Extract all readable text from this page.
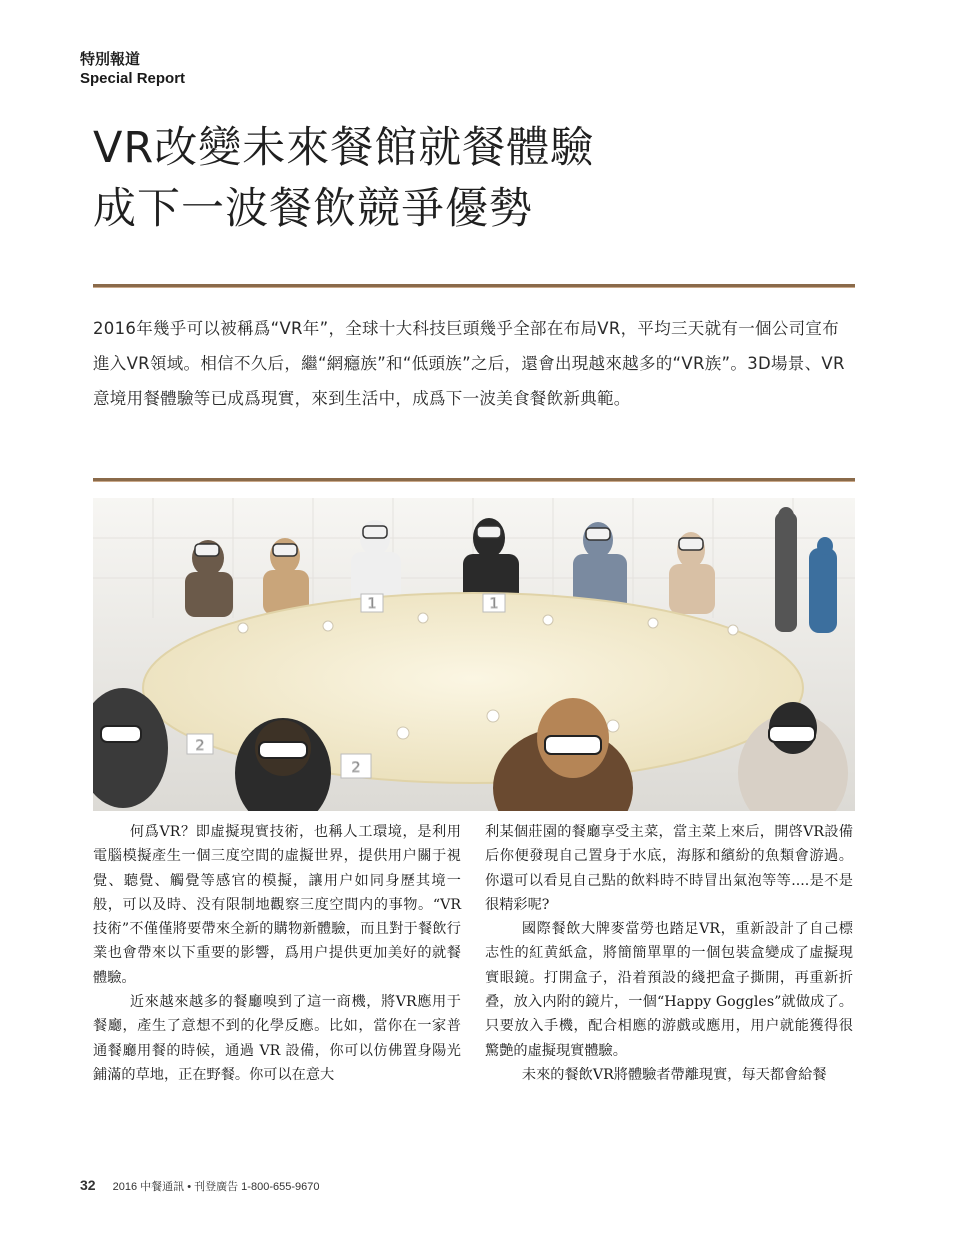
特別報道
Special Report
VR改變未來餐館就餐體驗
成下一波餐飲競爭優勢

2016年幾乎可以被稱爲“VR年”，全球十大科技巨頭幾乎全部在布局VR，平均三天就有一個公司宣布進入VR領域。相信不久后，繼“網癮族”和“低頭族”之后，還會出現越來越多的“VR族”。3D場景、VR意境用餐體驗等已成爲現實，來到生活中，成爲下一波美食餐飲新典範。

1	1
2
2

何爲VR？即虛擬現實技術，也稱人工環境，是利用電腦模擬產生一個三度空間的虛擬世界，提供用户關于視覺、聽覺、觸覺等感官的模擬，讓用户如同身歷其境一般，可以及時、没有限制地觀察三度空間内的事物。“VR技術”不僅僅將要帶來全新的購物新體驗，而且對于餐飲行業也會帶來以下重要的影響，爲用户提供更加美好的就餐體驗。

近來越來越多的餐廳嗅到了這一商機，將VR應用于餐廳，產生了意想不到的化學反應。比如，當你在一家普通餐廳用餐的時候，通過 VR 設備，你可以仿佛置身陽光鋪滿的草地，正在野餐。你可以在意大

利某個莊園的餐廳享受主菜，當主菜上來后，開啓VR設備后你便發現自己置身于水底，海豚和繽紛的魚類會游過。你還可以看見自己點的飲料時不時冒出氣泡等等....是不是很精彩呢?

國際餐飲大牌麥當勞也踏足VR，重新設計了自己標志性的紅黄紙盒，將簡簡單單的一個包裝盒變成了虛擬現實眼鏡。打開盒子，沿着預設的綫把盒子撕開，再重新折叠，放入内附的鏡片，一個“Happy Goggles”就做成了。只要放入手機，配合相應的游戲或應用，用户就能獲得很驚艶的虛擬現實體驗。

未來的餐飲VR將體驗者帶離現實，每天都會給餐

32 2016 中餐通訊 • 刊登廣告 1-800-655-9670
